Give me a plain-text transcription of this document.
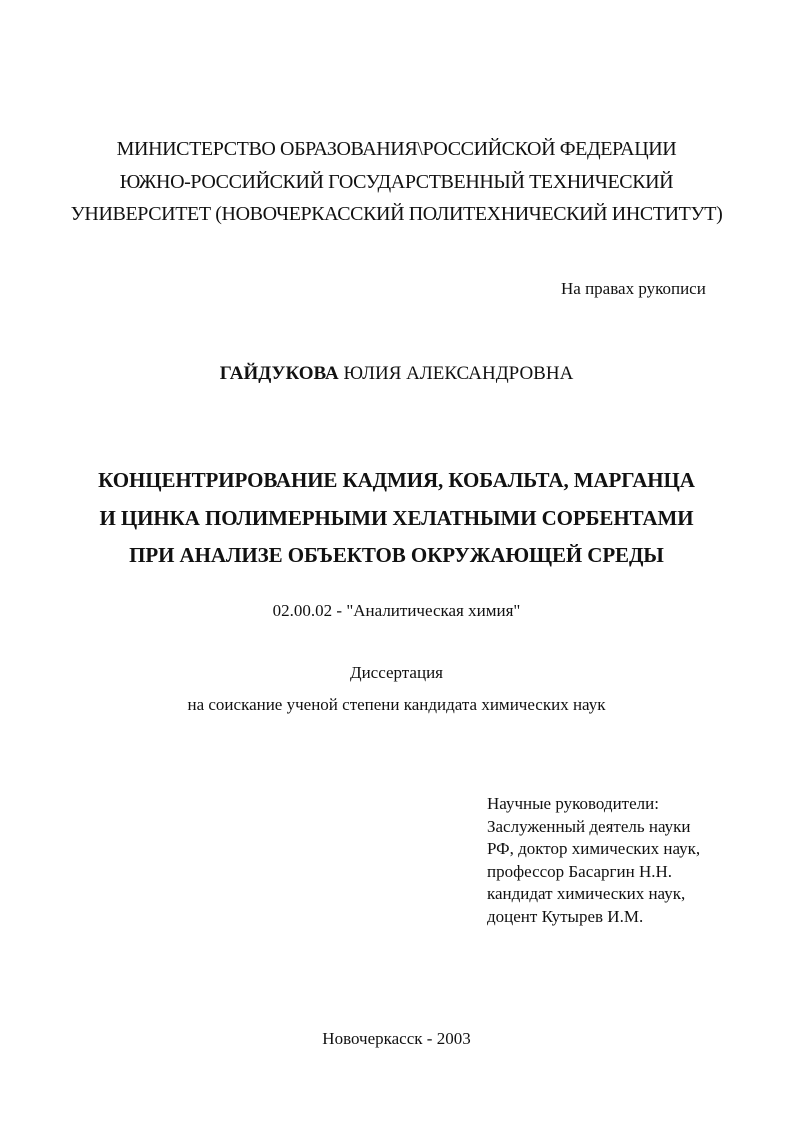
МИНИСТЕРСТВО ОБРАЗОВАНИЯ\РОССИЙСКОЙ ФЕДЕРАЦИИ
ЮЖНО-РОССИЙСКИЙ ГОСУДАРСТВЕННЫЙ ТЕХНИЧЕСКИЙ
УНИВЕРСИТЕТ (НОВОЧЕРКАССКИЙ ПОЛИТЕХНИЧЕСКИЙ ИНСТИТУТ)
На правах рукописи
ГАЙДУКОВА ЮЛИЯ АЛЕКСАНДРОВНА
КОНЦЕНТРИРОВАНИЕ КАДМИЯ, КОБАЛЬТА, МАРГАНЦА
И ЦИНКА ПОЛИМЕРНЫМИ ХЕЛАТНЫМИ СОРБЕНТАМИ
ПРИ АНАЛИЗЕ ОБЪЕКТОВ ОКРУЖАЮЩЕЙ СРЕДЫ
02.00.02 - "Аналитическая химия"
Диссертация
на соискание ученой степени кандидата химических наук
Научные руководители:
Заслуженный деятель науки
РФ, доктор химических наук,
профессор Басаргин Н.Н.
кандидат химических наук,
доцент Кутырев И.М.
Новочеркасск - 2003
